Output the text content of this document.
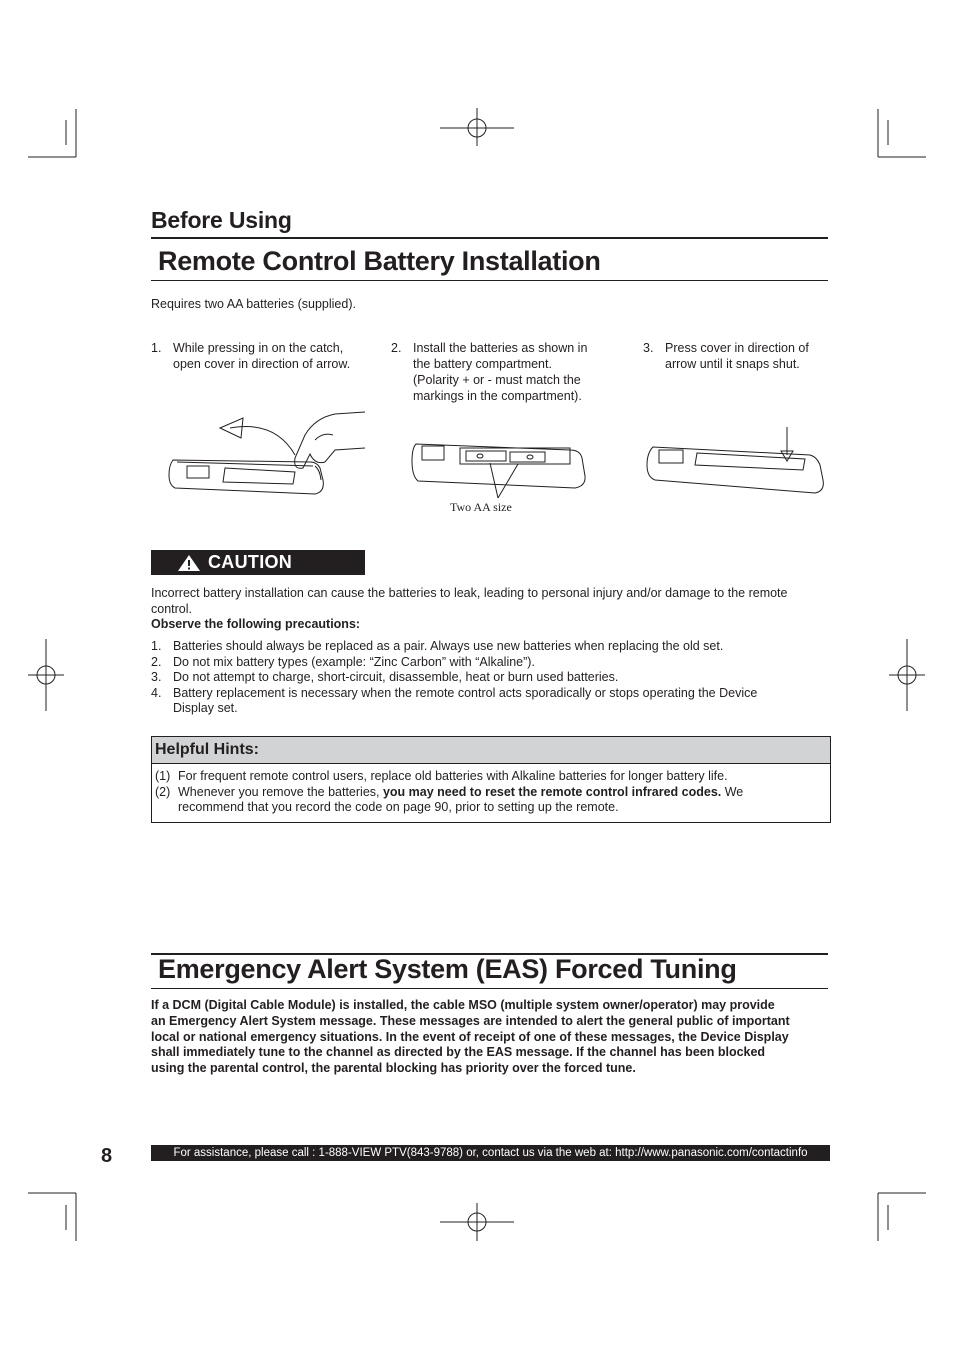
Before Using
Remote Control Battery Installation
Requires two AA batteries (supplied).
1. While pressing in on the catch,
open cover in direction of arrow.
2. Install the batteries as shown in
the battery compartment.
(Polarity + or - must match the
markings in the compartment).
3. Press cover in direction of
arrow until it snaps shut.
Two AA size
CAUTION
Incorrect battery installation can cause the batteries to leak, leading to personal injury and/or damage to the remote
control.
Observe the following precautions:
1. Batteries should always be replaced as a pair. Always use new batteries when replacing the old set.
2. Do not mix battery types (example: “Zinc Carbon” with “Alkaline”).
3. Do not attempt to charge, short-circuit, disassemble, heat or burn used batteries.
4. Battery replacement is necessary when the remote control acts sporadically or stops operating the Device
Display set.
Helpful Hints:
(1) For frequent remote control users, replace old batteries with Alkaline batteries for longer battery life.
(2) Whenever you remove the batteries, you may need to reset the remote control infrared codes. We
recommend that you record the code on page 90, prior to setting up the remote.
Emergency Alert System (EAS) Forced Tuning
If a DCM (Digital Cable Module) is installed, the cable MSO (multiple system owner/operator) may provide
an Emergency Alert System message. These messages are intended to alert the general public of important
local or national emergency situations. In the event of receipt of one of these messages, the Device Display
shall immediately tune to the channel as directed by the EAS message. If the channel has been blocked
using the parental control, the parental blocking has priority over the forced tune.
8	For assistance, please call : 1-888-VIEW PTV(843-9788) or, contact us via the web at: http://www.panasonic.com/contactinfo
